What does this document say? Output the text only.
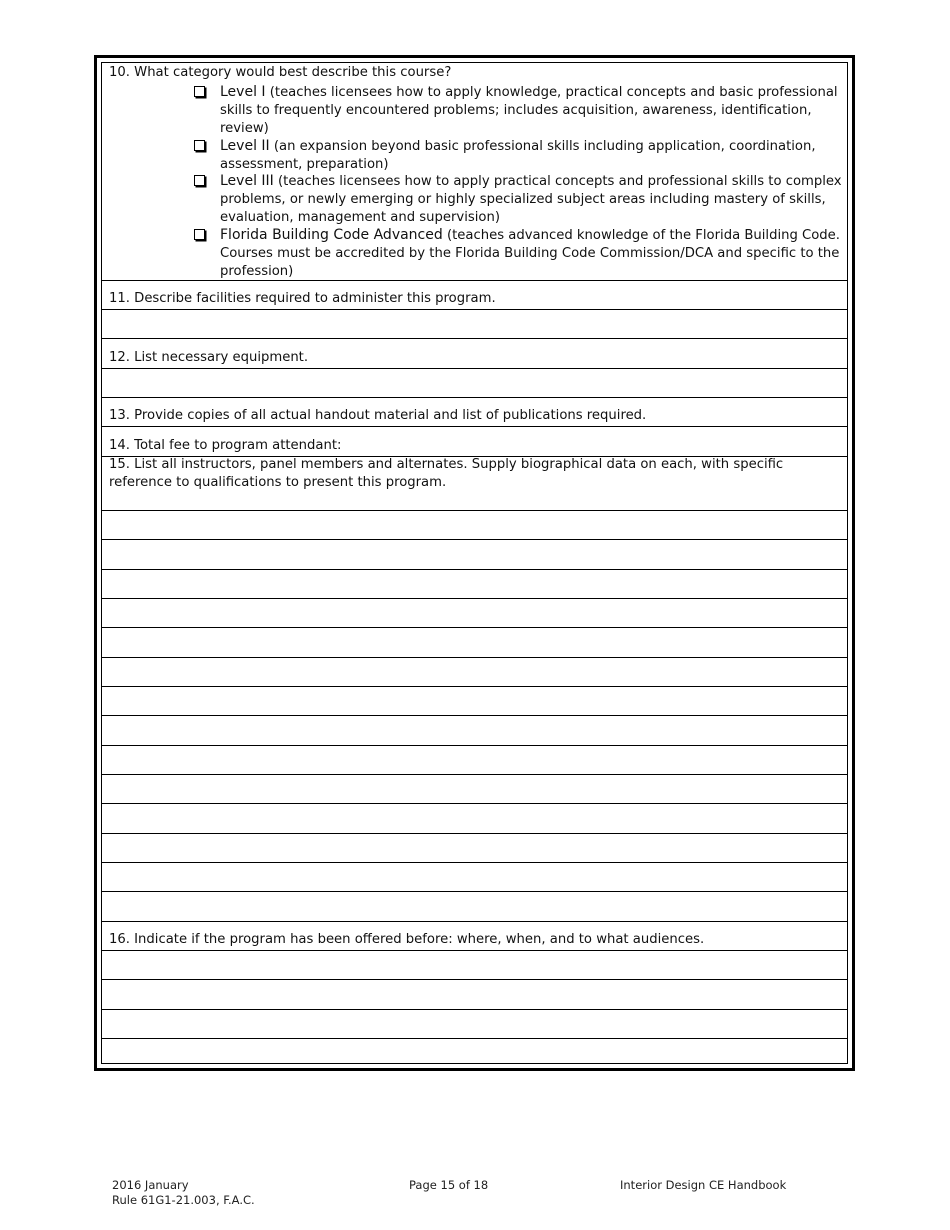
10. What category would best describe this course?
Level I (teaches licensees how to apply knowledge, practical concepts and basic professional skills to frequently encountered problems; includes acquisition, awareness, identification, review)
Level II (an expansion beyond basic professional skills including application, coordination, assessment, preparation)
Level III (teaches licensees how to apply practical concepts and professional skills to complex problems, or newly emerging or highly specialized subject areas including mastery of skills, evaluation, management and supervision)
Florida Building Code Advanced (teaches advanced knowledge of the Florida Building Code. Courses must be accredited by the Florida Building Code Commission/DCA and specific to the profession)
11. Describe facilities required to administer this program.
12. List necessary equipment.
13. Provide copies of all actual handout material and list of publications required.
14. Total fee to program attendant:
15. List all instructors, panel members and alternates. Supply biographical data on each, with specific reference to qualifications to present this program.
16. Indicate if the program has been offered before: where, when, and to what audiences.
2016 January
Rule 61G1-21.003, F.A.C.
Page 15 of 18	Interior Design CE Handbook
